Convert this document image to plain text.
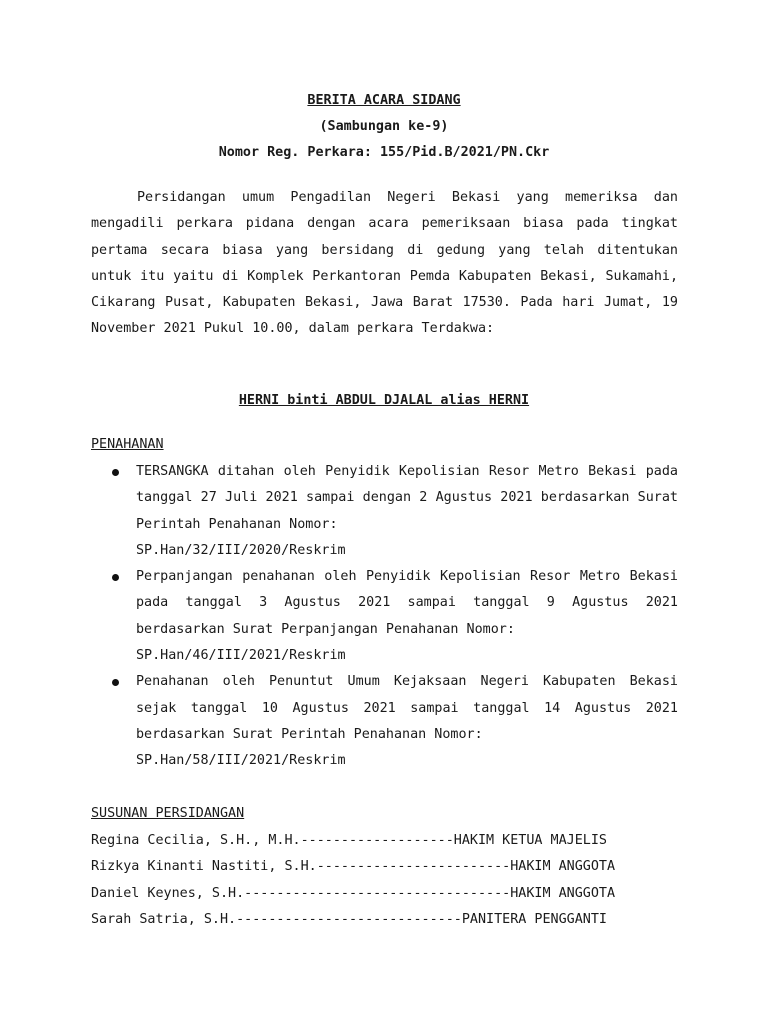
BERITA ACARA SIDANG
(Sambungan ke-9)
Nomor Reg. Perkara: 155/Pid.B/2021/PN.Ckr

Persidangan umum Pengadilan Negeri Bekasi yang memeriksa dan mengadili perkara pidana dengan acara pemeriksaan biasa pada tingkat pertama secara biasa yang bersidang di gedung yang telah ditentukan untuk itu yaitu di Komplek Perkantoran Pemda Kabupaten Bekasi, Sukamahi, Cikarang Pusat, Kabupaten Bekasi, Jawa Barat 17530. Pada hari Jumat, 19 November 2021 Pukul 10.00, dalam perkara Terdakwa:

HERNI binti ABDUL DJALAL alias HERNI
PENAHANAN
TERSANGKA ditahan oleh Penyidik Kepolisian Resor Metro Bekasi pada tanggal 27 Juli 2021 sampai dengan 2 Agustus 2021 berdasarkan Surat Perintah Penahanan Nomor:
SP.Han/32/III/2020/Reskrim
Perpanjangan penahanan oleh Penyidik Kepolisian Resor Metro Bekasi pada tanggal 3 Agustus 2021 sampai tanggal 9 Agustus 2021 berdasarkan Surat Perpanjangan Penahanan Nomor:
SP.Han/46/III/2021/Reskrim
Penahanan oleh Penuntut Umum Kejaksaan Negeri Kabupaten Bekasi sejak tanggal 10 Agustus 2021 sampai tanggal 14 Agustus 2021 berdasarkan Surat Perintah Penahanan Nomor:
SP.Han/58/III/2021/Reskrim
SUSUNAN PERSIDANGAN
Regina Cecilia, S.H., M.H.-------------------HAKIM KETUA MAJELIS
Rizkya Kinanti Nastiti, S.H.------------------------HAKIM ANGGOTA
Daniel Keynes, S.H.---------------------------------HAKIM ANGGOTA
Sarah Satria, S.H.----------------------------PANITERA PENGGANTI
